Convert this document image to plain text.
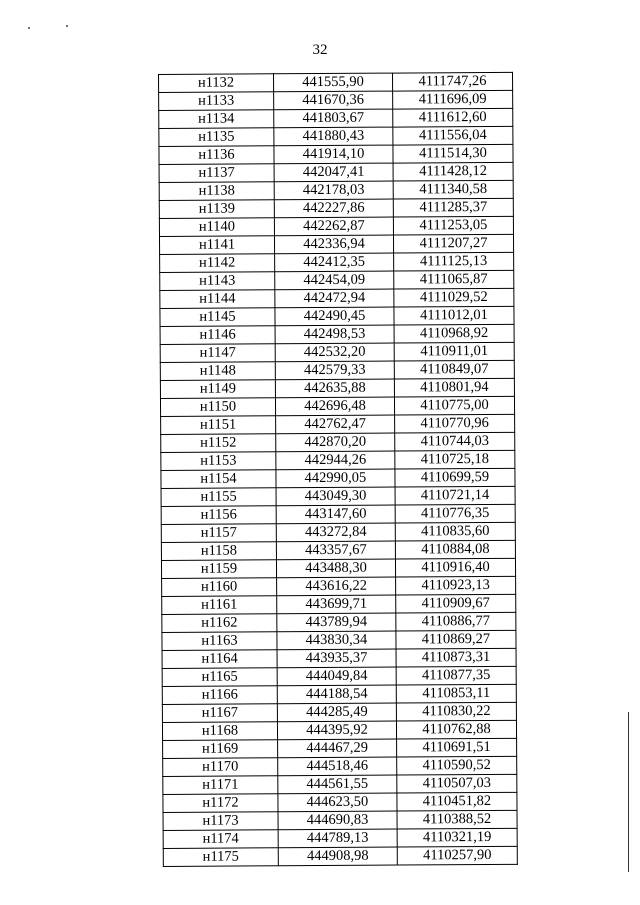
32
н1132	441555,90	4111747,26
н1133	441670,36	4111696,09
н1134	441803,67	4111612,60
н1135	441880,43	4111556,04
н1136	441914,10	4111514,30
н1137	442047,41	4111428,12
н1138	442178,03	4111340,58
н1139	442227,86	4111285,37
н1140	442262,87	4111253,05
н1141	442336,94	4111207,27
н1142	442412,35	4111125,13
н1143	442454,09	4111065,87
н1144	442472,94	4111029,52
н1145	442490,45	4111012,01
н1146	442498,53	4110968,92
н1147	442532,20	4110911,01
н1148	442579,33	4110849,07
н1149	442635,88	4110801,94
н1150	442696,48	4110775,00
н1151	442762,47	4110770,96
н1152	442870,20	4110744,03
н1153	442944,26	4110725,18
н1154	442990,05	4110699,59
н1155	443049,30	4110721,14
н1156	443147,60	4110776,35
н1157	443272,84	4110835,60
н1158	443357,67	4110884,08
н1159	443488,30	4110916,40
н1160	443616,22	4110923,13
н1161	443699,71	4110909,67
н1162	443789,94	4110886,77
н1163	443830,34	4110869,27
н1164	443935,37	4110873,31
н1165	444049,84	4110877,35
н1166	444188,54	4110853,11
н1167	444285,49	4110830,22
н1168	444395,92	4110762,88
н1169	444467,29	4110691,51
н1170	444518,46	4110590,52
н1171	444561,55	4110507,03
н1172	444623,50	4110451,82
н1173	444690,83	4110388,52
н1174	444789,13	4110321,19
н1175	444908,98	4110257,90
